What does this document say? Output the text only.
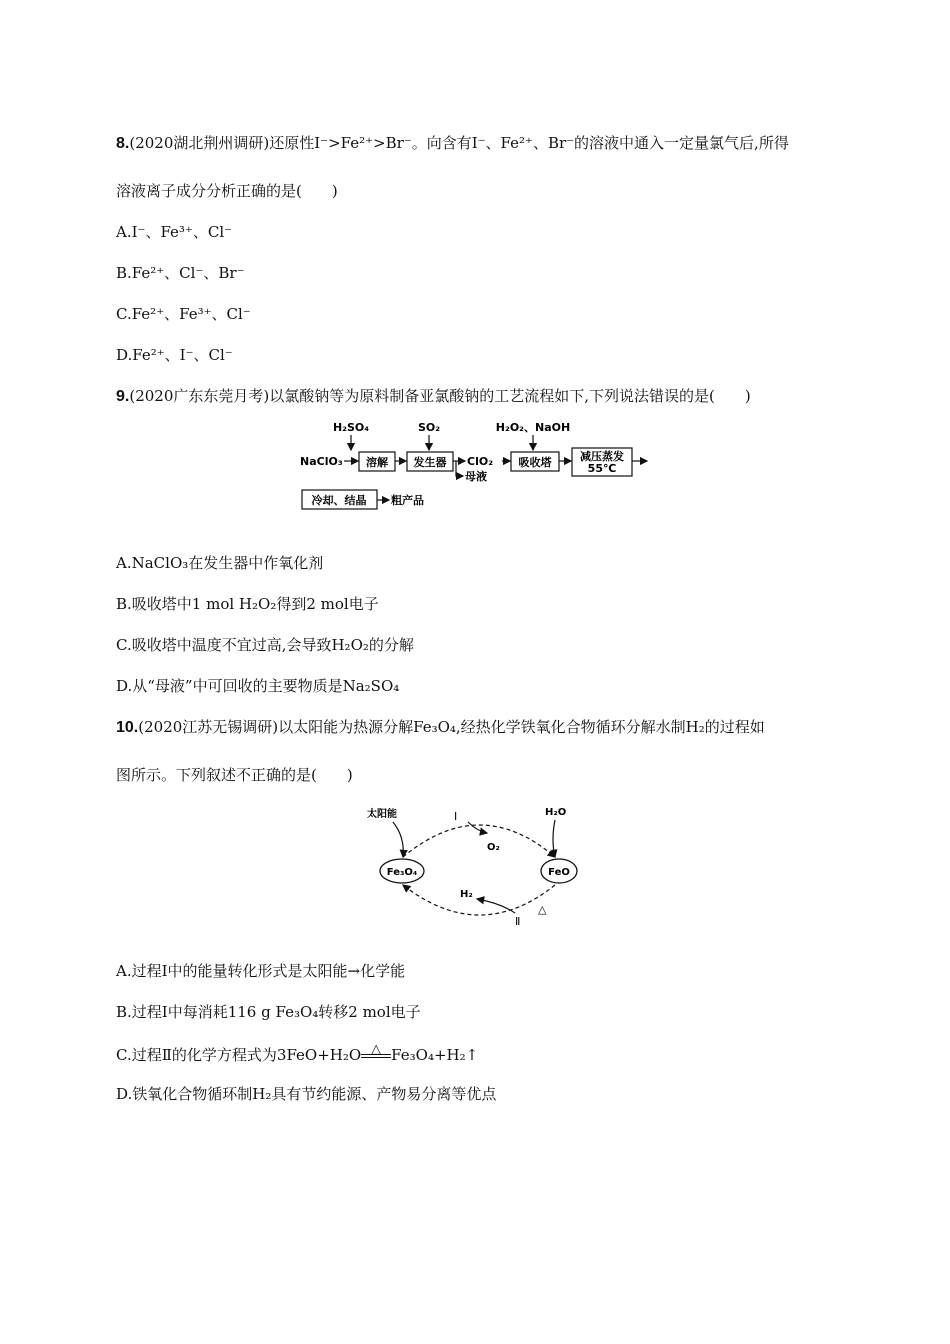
8.(2020湖北荆州调研)还原性I⁻>Fe²⁺>Br⁻。向含有I⁻、Fe²⁺、Br⁻的溶液中通入一定量氯气后,所得
溶液离子成分分析正确的是(　　)
A.I⁻、Fe³⁺、Cl⁻
B.Fe²⁺、Cl⁻、Br⁻
C.Fe²⁺、Fe³⁺、Cl⁻
D.Fe²⁺、I⁻、Cl⁻
9.(2020广东东莞月考)以氯酸钠等为原料制备亚氯酸钠的工艺流程如下,下列说法错误的是(　　)
H₂SO₄	SO₂	H₂O₂、NaOH
NaClO₃ 溶解 发生器 ClO₂ 吸收塔	减压蒸发
55℃
母液
冷却、结晶 粗产品
A.NaClO₃在发生器中作氧化剂
B.吸收塔中1 mol H₂O₂得到2 mol电子
C.吸收塔中温度不宜过高,会导致H₂O₂的分解
D.从“母液”中可回收的主要物质是Na₂SO₄
10.(2020江苏无锡调研)以太阳能为热源分解Fe₃O₄,经热化学铁氧化合物循环分解水制H₂的过程如
图所示。下列叙述不正确的是(　　)
Fe₃O₄	FeO
太阳能	H₂O
Ⅰ
O₂
H₂
△
Ⅱ
A.过程Ⅰ中的能量转化形式是太阳能→化学能
B.过程Ⅰ中每消耗116 g Fe₃O₄转移2 mol电子
C.过程Ⅱ的化学方程式为3FeO+H₂O △ Fe₃O₄+H₂↑
D.铁氧化合物循环制H₂具有节约能源、产物易分离等优点
